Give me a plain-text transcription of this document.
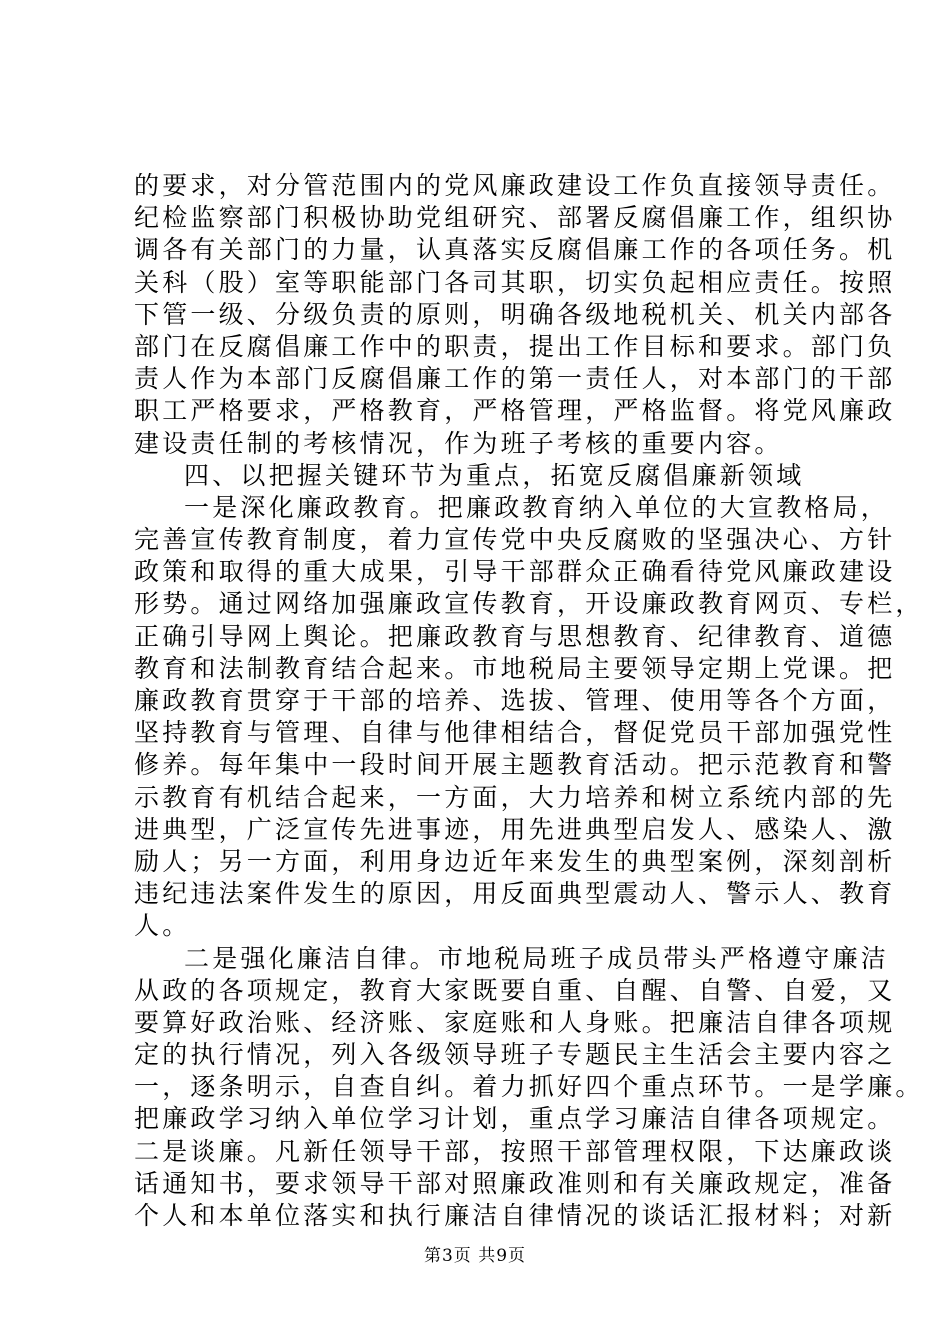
的要求，对分管范围内的党风廉政建设工作负直接领导责任。
纪检监察部门积极协助党组研究、部署反腐倡廉工作，组织协
调各有关部门的力量，认真落实反腐倡廉工作的各项任务。机
关科（股）室等职能部门各司其职，切实负起相应责任。按照
下管一级、分级负责的原则，明确各级地税机关、机关内部各
部门在反腐倡廉工作中的职责，提出工作目标和要求。部门负
责人作为本部门反腐倡廉工作的第一责任人，对本部门的干部
职工严格要求，严格教育，严格管理，严格监督。将党风廉政
建设责任制的考核情况，作为班子考核的重要内容。
四、以把握关键环节为重点，拓宽反腐倡廉新领域
一是深化廉政教育。把廉政教育纳入单位的大宣教格局，
完善宣传教育制度，着力宣传党中央反腐败的坚强决心、方针
政策和取得的重大成果，引导干部群众正确看待党风廉政建设
形势。通过网络加强廉政宣传教育，开设廉政教育网页、专栏，
正确引导网上舆论。把廉政教育与思想教育、纪律教育、道德
教育和法制教育结合起来。市地税局主要领导定期上党课。把
廉政教育贯穿于干部的培养、选拔、管理、使用等各个方面，
坚持教育与管理、自律与他律相结合，督促党员干部加强党性
修养。每年集中一段时间开展主题教育活动。把示范教育和警
示教育有机结合起来，一方面，大力培养和树立系统内部的先
进典型，广泛宣传先进事迹，用先进典型启发人、感染人、激
励人；另一方面，利用身边近年来发生的典型案例，深刻剖析
违纪违法案件发生的原因，用反面典型震动人、警示人、教育
人。
二是强化廉洁自律。市地税局班子成员带头严格遵守廉洁
从政的各项规定，教育大家既要自重、自醒、自警、自爱，又
要算好政治账、经济账、家庭账和人身账。把廉洁自律各项规
定的执行情况，列入各级领导班子专题民主生活会主要内容之
一，逐条明示，自查自纠。着力抓好四个重点环节。一是学廉。
把廉政学习纳入单位学习计划，重点学习廉洁自律各项规定。
二是谈廉。凡新任领导干部，按照干部管理权限，下达廉政谈
话通知书，要求领导干部对照廉政准则和有关廉政规定，准备
个人和本单位落实和执行廉洁自律情况的谈话汇报材料；对新
第3页 共9页
